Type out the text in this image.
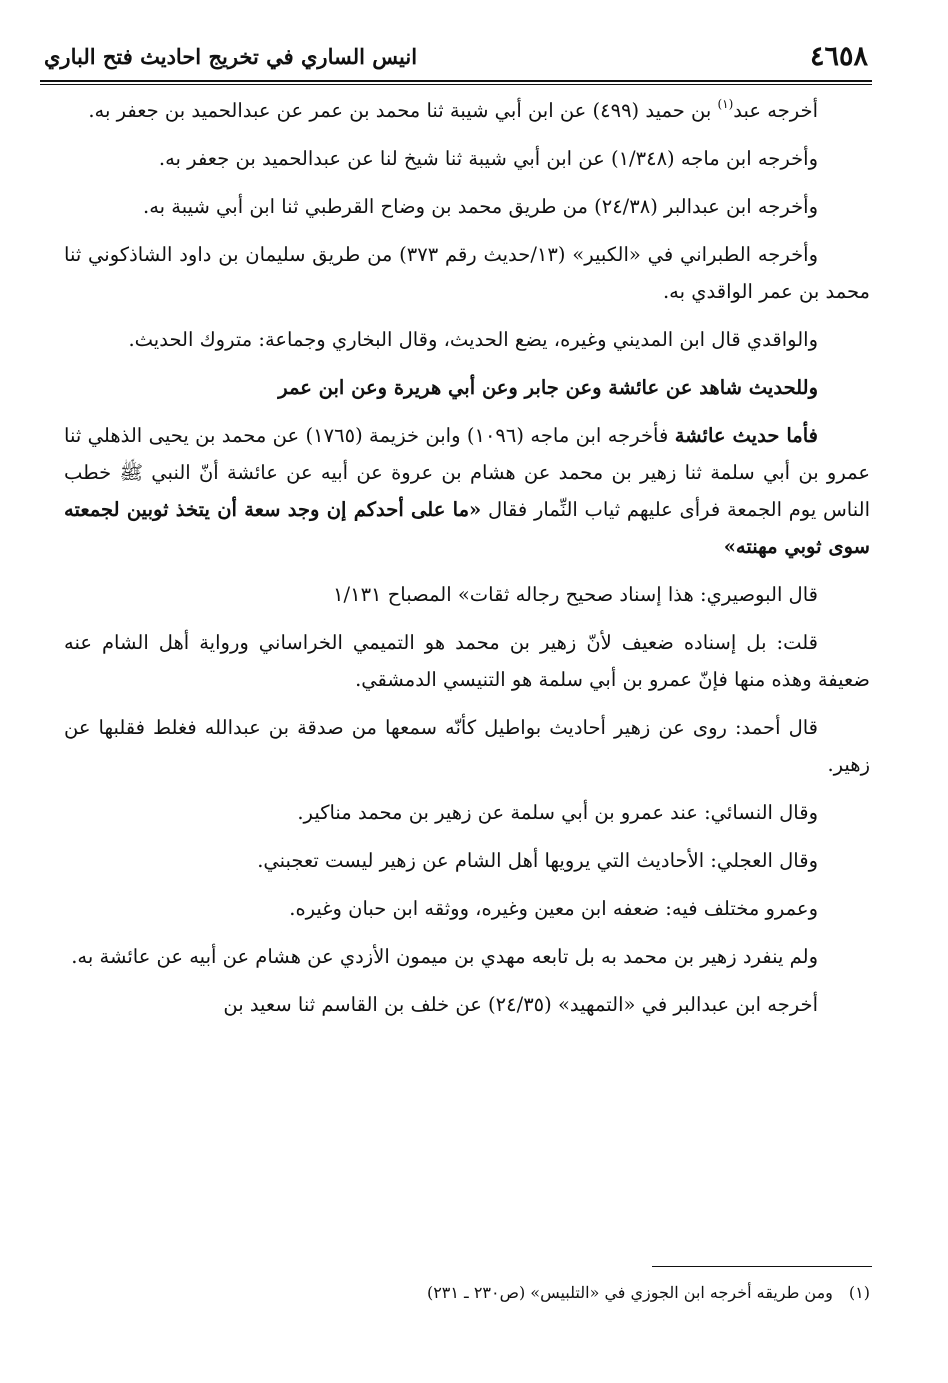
٤٦٥٨
انيس الساري في تخريج احاديث فتح الباري

أخرجه عبد$^{(١)}$ بن حميد (٤٩٩) عن ابن أبي شيبة ثنا محمد بن عمر عن عبدالحميد بن جعفر به.

وأخرجه ابن ماجه (١/٣٤٨) عن ابن أبي شيبة ثنا شيخ لنا عن عبدالحميد بن جعفر به.

وأخرجه ابن عبدالبر (٢٤/٣٨) من طريق محمد بن وضاح القرطبي ثنا ابن أبي شيبة به.

وأخرجه الطبراني في «الكبير» (١٣/حديث رقم ٣٧٣) من طريق سليمان بن داود الشاذكوني ثنا محمد بن عمر الواقدي به.

والواقدي قال ابن المديني وغيره، يضع الحديث، وقال البخاري وجماعة: متروك الحديث.

وللحديث شاهد عن عائشة وعن جابر وعن أبي هريرة وعن ابن عمر

فأما حديث عائشة فأخرجه ابن ماجه (١٠٩٦) وابن خزيمة (١٧٦٥) عن محمد بن يحيى الذهلي ثنا عمرو بن أبي سلمة ثنا زهير بن محمد عن هشام بن عروة عن أبيه عن عائشة أنّ النبي ﷺ خطب الناس يوم الجمعة فرأى عليهم ثياب النِّمار فقال «ما على أحدكم إن وجد سعة أن يتخذ ثوبين لجمعته سوى ثوبي مهنته»

قال البوصيري: هذا إسناد صحيح رجاله ثقات» المصباح ١/١٣١

قلت: بل إسناده ضعيف لأنّ زهير بن محمد هو التميمي الخراساني ورواية أهل الشام عنه ضعيفة وهذه منها فإنّ عمرو بن أبي سلمة هو التنيسي الدمشقي.

قال أحمد: روى عن زهير أحاديث بواطيل كأنّه سمعها من صدقة بن عبدالله فغلط فقلبها عن زهير.

وقال النسائي: عند عمرو بن أبي سلمة عن زهير بن محمد مناكير.

وقال العجلي: الأحاديث التي يرويها أهل الشام عن زهير ليست تعجبني.

وعمرو مختلف فيه: ضعفه ابن معين وغيره، ووثقه ابن حبان وغيره.

ولم ينفرد زهير بن محمد به بل تابعه مهدي بن ميمون الأزدي عن هشام عن أبيه عن عائشة به.

أخرجه ابن عبدالبر في «التمهيد» (٢٤/٣٥) عن خلف بن القاسم ثنا سعيد بن

(١)ومن طريقه أخرجه ابن الجوزي في «التلبيس» (ص٢٣٠ ـ ٢٣١)
